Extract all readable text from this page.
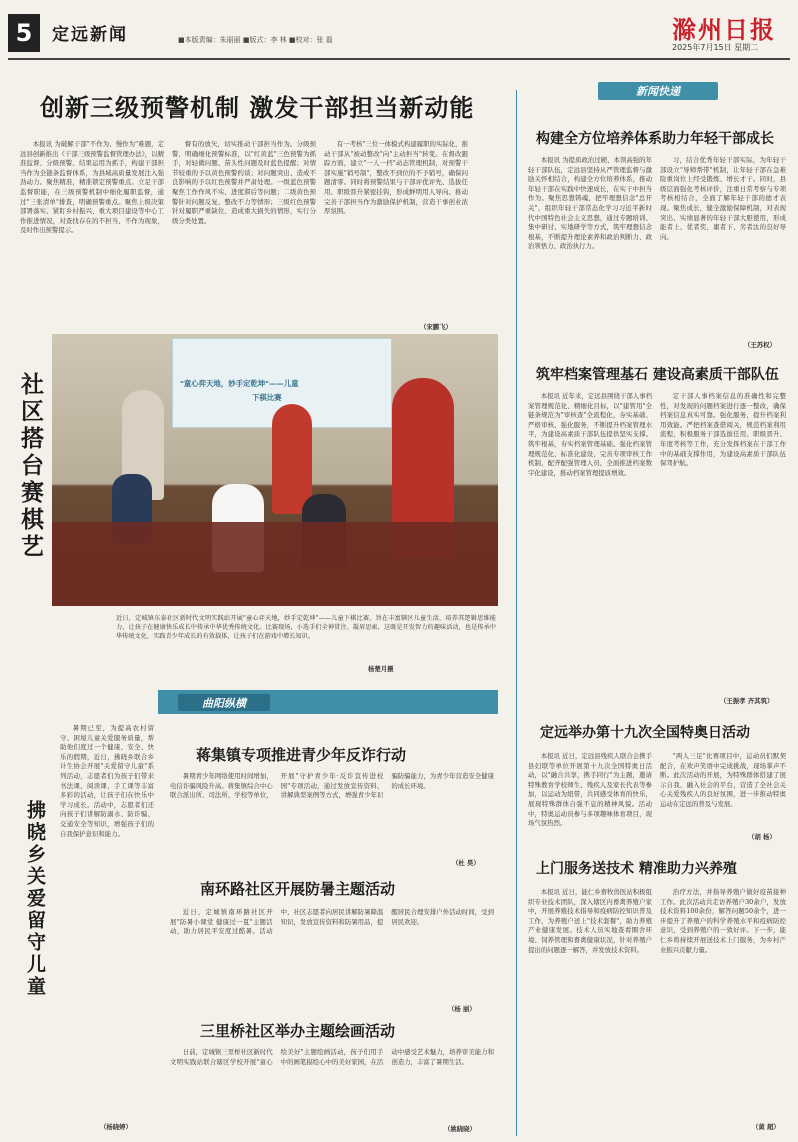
5 定远新闻	■本版责编：朱丽丽 ■版式：李 林 ■校对：张 磊	滁州日报
2025年7月15日 星期二
创新三级预警机制 激发干部担当新动能

本报讯 为破解干部"不作为、慢作为"难题，定远县创新推出《干部三级预警监督管理办法》，以精准监督、分级预警、结果运用为抓手，构建干部担当作为全链条监督体系，为县域高质量发展注入强劲动力。聚焦精准，精准锁定预警重点。立足干部监督职能，在三级预警机制中细化履职监督，通过"三张清单"排查，明确预警重点。聚焦上级决策部署落实、紧盯乡村振兴、重大项目建设等中心工作推进情况，对查找存在的不担当、不作为现象，及时作出预警提示。

督有的放矢，切实推动干部担当作为。分级预警，明确细化预警标准，以"红黄蓝"三色预警为抓手，对轻微问题、苗头性问题及时蓝色提醒；对情节较重的予以黄色预警约谈；对问题突出、造成不良影响的予以红色预警并严肃处理。一级蓝色预警聚焦工作作风不实、进度滞后等问题；二级黄色预警针对问题反复、整改不力等情形；三级红色预警针对履职严重缺位、造成重大损失的情形，实行分级分类处置。

有一考核"三位一体模式构建履职的实际化，推动干部从"被动整改"向"主动担当"转变。在督改跟踪方面，建立"一人一档"动态管理机制，对预警干部实施"销号制"，整改不到位的不予销号，确保问题清零。同时将预警结果与干部评优评先、选拔任用、职级晋升紧密挂钩，形成鲜明用人导向。推动完善干部担当作为激励保护机制，营造干事创业浓厚氛围。

（宋鹏飞）
社区搭台赛棋艺	"童心弈天地，妙手定乾坤"——儿童
下棋比赛
近日，定城镇东泰社区新时代文明实践站开展"童心弈天地，妙手定乾坤"——儿童下棋比赛，旨在丰富辖区儿童生活，培养其逻辑思维能力，让孩子在健康快乐成长中传承中华优秀传统文化。比赛现场，小选手们全神贯注、凝眉思索，这既是开发智力的趣味活动，也是传承中华传统文化，实践青少年成长的有效载体，让孩子们在游戏中增长知识。
杨楚月摄
曲阳纵横
拂晓乡关爱留守儿童

暑期已至，为提高农村留守、困境儿童关爱服务质量，帮助他们度过一个健康、安全、快乐的假期，近日，拂晓乡联合乡计生协会开展"关爱留守儿童"系列活动，志愿者们为孩子们带来书法课、阅读课、手工课等丰富多彩的活动，让孩子们在快乐中学习成长。活动中，志愿者们还向孩子们讲解防溺水、防诈骗、交通安全等知识，增强孩子们的自我保护意识和能力。

（杨晓婷）
蒋集镇专项推进青少年反诈行动

暑期青少年网络使用时间增加，电信诈骗风险升高。蒋集镇综合中心联合派出所、司法所、学校等单位，开展"守护青少年·反诈宣传进校园"专项活动，通过发放宣传资料、讲解典型案例等方式，增强青少年识骗防骗能力，为青少年营造安全健康的成长环境。

（杜 昊）
南环路社区开展防暑主题活动

近日，定城镇南环路社区开展"防暑小课堂 健康过一夏"主题活动，助力居民平安度过酷暑。活动中，社区志愿者向居民讲解防暑降温知识，发放宣传资料和防暑用品，提醒居民合理安排户外活动时间，受到居民欢迎。

（杨 丽）
三里桥社区举办主题绘画活动

日前，定城镇三里桥社区新时代文明实践站联合辖区学校开展"童心绘美好"主题绘画活动，孩子们用手中的画笔描绘心中的美好家园，在活动中感受艺术魅力，培养审美能力和创造力，丰富了暑期生活。

（姚晓晓）
新闻快递
构建全方位培养体系助力年轻干部成长

本报讯 为提质政治过硬、本领高强的年轻干部队伍，定远县坚持从严管理监督与激励关怀相结合，构建全方位培养体系，推动年轻干部在实践中快速成长，在实干中担当作为。聚焦思想铸魂，把牢理想信念"总开关"，组织年轻干部常态化学习习近平新时代中国特色社会主义思想，通过专题培训、集中研讨、实地研学等方式，筑牢理想信念根基，不断提升理论素养和政治判断力、政治领悟力、政治执行力。

习，结合优秀年轻干部实际，为年轻干部设立"导师帮带"机制，让年轻干部在急难险重岗位上经受锻炼、增长才干。同时，县级层面强化考核评价，注重日常考察与专项考核相结合，全面了解年轻干部的德才表现。聚焦成长，健全激励保障机制，对表现突出、实绩显著的年轻干部大胆使用，形成能者上、优者奖、庸者下、劣者汰的良好导向。

（王苏权）
筑牢档案管理基石 建设高素质干部队伍

本报讯 近年来，定远县围绕干部人事档案管理规范化、精细化目标，以"建管用"全链条规范为"审核查"全流程化，夯实基础、严格审核、强化服务，不断提升档案管理水平，为建设高素质干部队伍提供坚实支撑。筑牢根基，夯实档案管理基础。强化档案管理规范化、标准化建设，完善专项审核工作机制，配齐配强管理人员，全面推进档案数字化建设，推动档案管理提质增效。

定干部人事档案信息的准确性和完整性，对发现的问题档案进行逐一整改，确保档案信息真实可靠。强化服务，提升档案利用效能。严把档案查借阅关，规范档案利用流程，积极服务干部选拔任用、职级晋升、年度考核等工作，充分发挥档案在干部工作中的基础支撑作用，为建设高素质干部队伍保驾护航。

（王振孝 齐其筑）
定远举办第十九次全国特奥日活动

本报讯 近日，定远县残疾人联合会携手县妇联等单位开展第十九次全国特奥日活动，以"融合共享，携手同行"为主题，邀请特殊教育学校师生、残疾人及家长代表等参加，以运动为纽带，共同感受体育的快乐，展现特殊群体自强不息的精神风貌。活动中，特奥运动员参与多项趣味体育项目，现场气氛热烈。

"两人三足"比赛项目中，运动员们默契配合，在欢声笑语中完成挑战，现场掌声不断。此次活动的开展，为特殊群体搭建了展示自我、融入社会的平台，营造了全社会关心关爱残疾人的良好氛围，进一步推动特奥运动在定远的普及与发展。

（胡 杨）
上门服务送技术 精准助力兴养殖

本报讯 近日，能仁乡畜牧兽医站积极组织专业技术团队，深入辖区内畜禽养殖户家中，开展养殖技术指导和疫病防控知识普及工作，为养殖户送上"技术套餐"，助力养殖产业健康发展。技术人员实地查看圈舍环境、饲养管理和畜禽健康状况，针对养殖户提出的问题逐一解答，并发放技术资料。

治疗方法，并指导养殖户做好疫苗接种工作。此次活动共走访养殖户30余户，发放技术资料100余份，解答问题50余个，进一步提升了养殖户的科学养殖水平和疫病防控意识，受到养殖户的一致好评。下一步，能仁乡将持续开展送技术上门服务，为乡村产业振兴贡献力量。

（黄 超）
